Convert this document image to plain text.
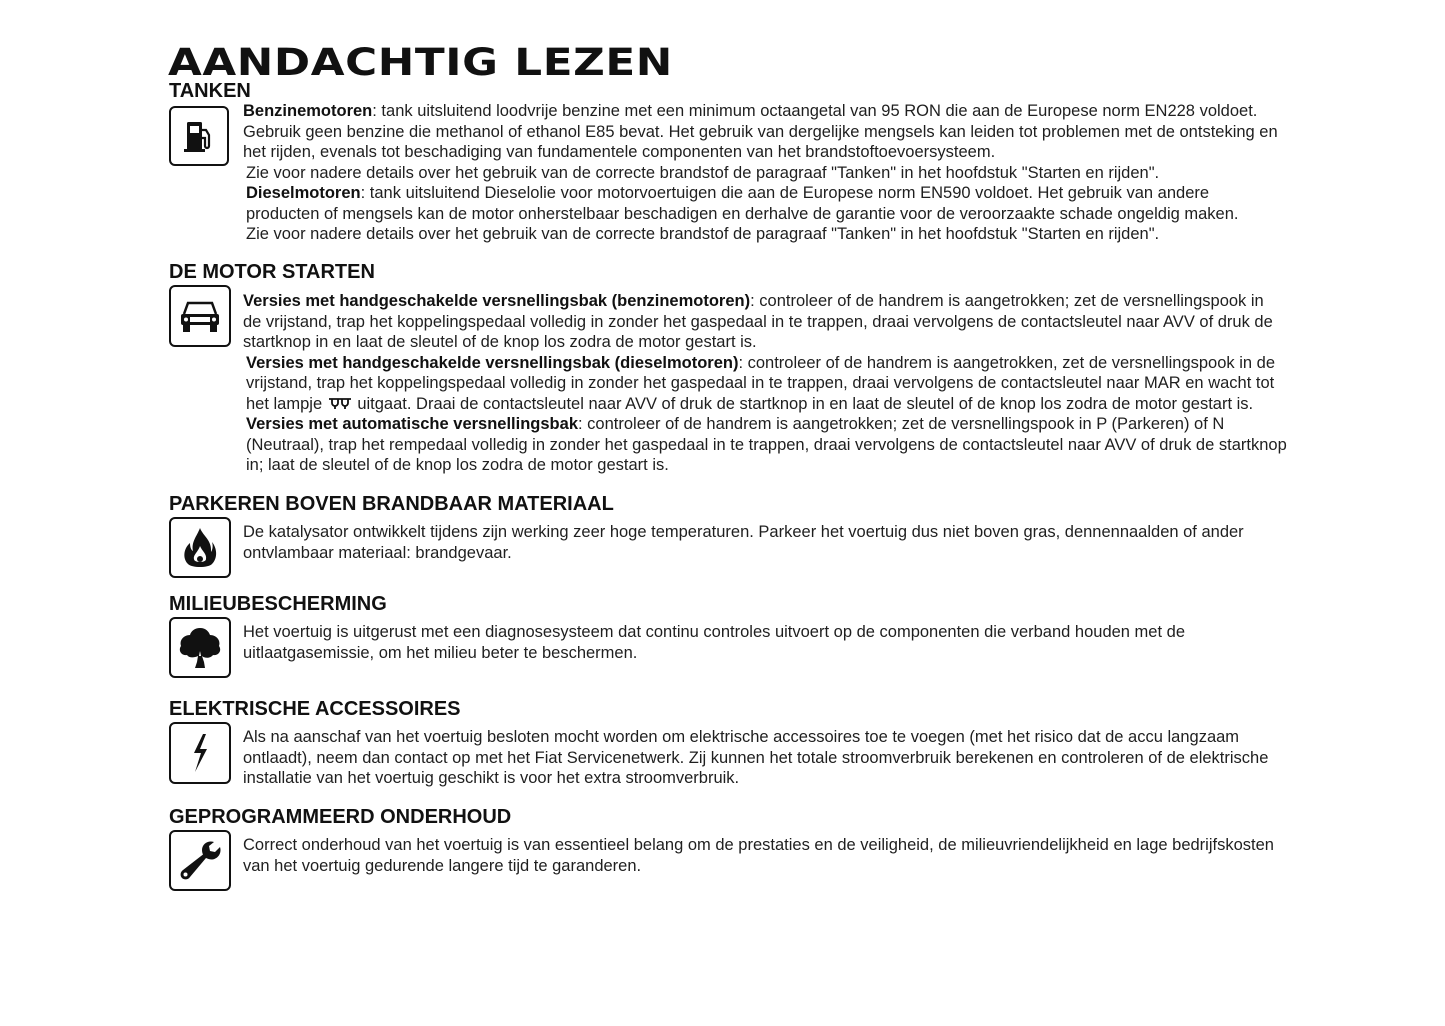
AANDACHTIG LEZEN
TANKEN

Benzinemotoren: tank uitsluitend loodvrije benzine met een minimum octaangetal van 95 RON die aan de Europese norm EN228 voldoet.

Gebruik geen benzine die methanol of ethanol E85 bevat. Het gebruik van dergelijke mengsels kan leiden tot problemen met de ontsteking en

het rijden, evenals tot beschadiging van fundamentele componenten van het brandstoftoevoersysteem.

Zie voor nadere details over het gebruik van de correcte brandstof de paragraaf "Tanken" in het hoofdstuk "Starten en rijden".

Dieselmotoren: tank uitsluitend Dieselolie voor motorvoertuigen die aan de Europese norm EN590 voldoet. Het gebruik van andere

producten of mengsels kan de motor onherstelbaar beschadigen en derhalve de garantie voor de veroorzaakte schade ongeldig maken.

Zie voor nadere details over het gebruik van de correcte brandstof de paragraaf "Tanken" in het hoofdstuk "Starten en rijden".

DE MOTOR STARTEN

Versies met handgeschakelde versnellingsbak (benzinemotoren): controleer of de handrem is aangetrokken; zet de versnellingspook in

de vrijstand, trap het koppelingspedaal volledig in zonder het gaspedaal in te trappen, draai vervolgens de contactsleutel naar AVV of druk de

startknop in en laat de sleutel of de knop los zodra de motor gestart is.

Versies met handgeschakelde versnellingsbak (dieselmotoren): controleer of de handrem is aangetrokken, zet de versnellingspook in de

vrijstand, trap het koppelingspedaal volledig in zonder het gaspedaal in te trappen, draai vervolgens de contactsleutel naar MAR en wacht tot

het lampje uitgaat. Draai de contactsleutel naar AVV of druk de startknop in en laat de sleutel of de knop los zodra de motor gestart is.

Versies met automatische versnellingsbak: controleer of de handrem is aangetrokken; zet de versnellingspook in P (Parkeren) of N

(Neutraal), trap het rempedaal volledig in zonder het gaspedaal in te trappen, draai vervolgens de contactsleutel naar AVV of druk de startknop

in; laat de sleutel of de knop los zodra de motor gestart is.

PARKEREN BOVEN BRANDBAAR MATERIAAL

De katalysator ontwikkelt tijdens zijn werking zeer hoge temperaturen. Parkeer het voertuig dus niet boven gras, dennennaalden of ander

ontvlambaar materiaal: brandgevaar.

MILIEUBESCHERMING

Het voertuig is uitgerust met een diagnosesysteem dat continu controles uitvoert op de componenten die verband houden met de

uitlaatgasemissie, om het milieu beter te beschermen.

ELEKTRISCHE ACCESSOIRES

Als na aanschaf van het voertuig besloten mocht worden om elektrische accessoires toe te voegen (met het risico dat de accu langzaam

ontlaadt), neem dan contact op met het Fiat Servicenetwerk. Zij kunnen het totale stroomverbruik berekenen en controleren of de elektrische

installatie van het voertuig geschikt is voor het extra stroomverbruik.

GEPROGRAMMEERD ONDERHOUD

Correct onderhoud van het voertuig is van essentieel belang om de prestaties en de veiligheid, de milieuvriendelijkheid en lage bedrijfskosten

van het voertuig gedurende langere tijd te garanderen.
